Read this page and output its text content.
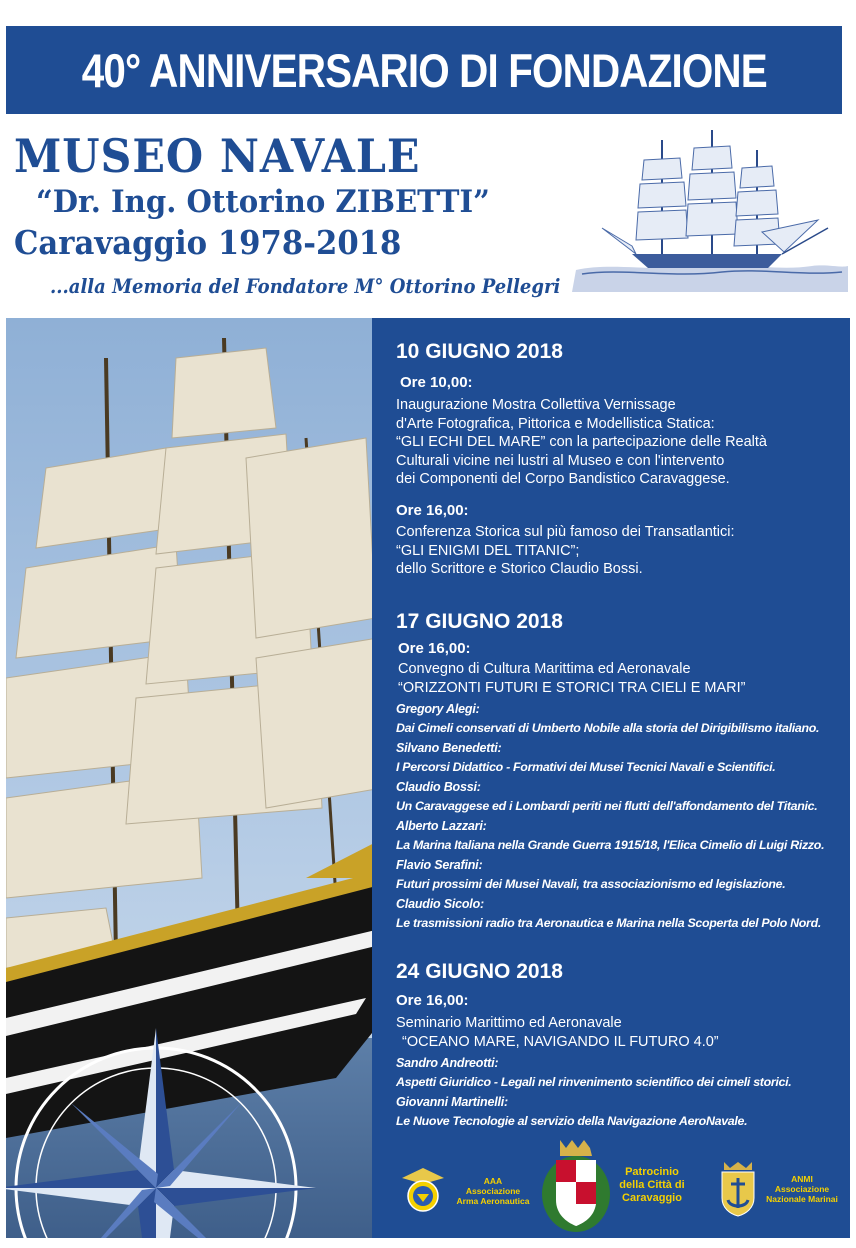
40° ANNIVERSARIO DI FONDAZIONE
MUSEO NAVALE
“Dr. Ing. Ottorino ZIBETTI”
Caravaggio 1978-2018
...alla Memoria del Fondatore M° Ottorino Pellegri
10 GIUGNO 2018
Ore 10,00:
Inaugurazione Mostra Collettiva Vernissage
d'Arte Fotografica, Pittorica e Modellistica Statica:
“GLI ECHI DEL MARE” con la partecipazione delle Realtà
Culturali vicine nei lustri al Museo e con l'intervento
dei Componenti del Corpo Bandistico Caravaggese.
Ore 16,00:
Conferenza Storica sul più famoso dei Transatlantici:
“GLI ENIGMI DEL TITANIC”;
dello Scrittore e Storico Claudio Bossi.
17 GIUGNO 2018
Ore 16,00:
Convegno di Cultura Marittima ed Aeronavale
“ORIZZONTI FUTURI E STORICI TRA CIELI E MARI”
Gregory Alegi:
Dai Cimeli conservati di Umberto Nobile alla storia del Dirigibilismo italiano.
Silvano Benedetti:
I Percorsi Didattico - Formativi dei Musei Tecnici Navali e Scientifici.
Claudio Bossi:
Un Caravaggese ed i Lombardi periti nei flutti dell'affondamento del Titanic.
Alberto Lazzari:
La Marina Italiana nella Grande Guerra 1915/18, l'Elica Cimelio di Luigi Rizzo.
Flavio Serafini:
Futuri prossimi dei Musei Navali, tra associazionismo ed legislazione.
Claudio Sicolo:
Le trasmissioni radio tra Aeronautica e Marina nella Scoperta del Polo Nord.
24 GIUGNO 2018
Ore 16,00:
Seminario Marittimo ed Aeronavale
“OCEANO MARE, NAVIGANDO IL FUTURO 4.0”
Sandro Andreotti:
Aspetti Giuridico - Legali nel rinvenimento scientifico dei cimeli storici.
Giovanni Martinelli:
Le Nuove Tecnologie al servizio della Navigazione AeroNavale.
AAA
Associazione
Arma Aeronautica
Patrocinio
della Città di
Caravaggio
ANMI
Associazione
Nazionale Marinai
